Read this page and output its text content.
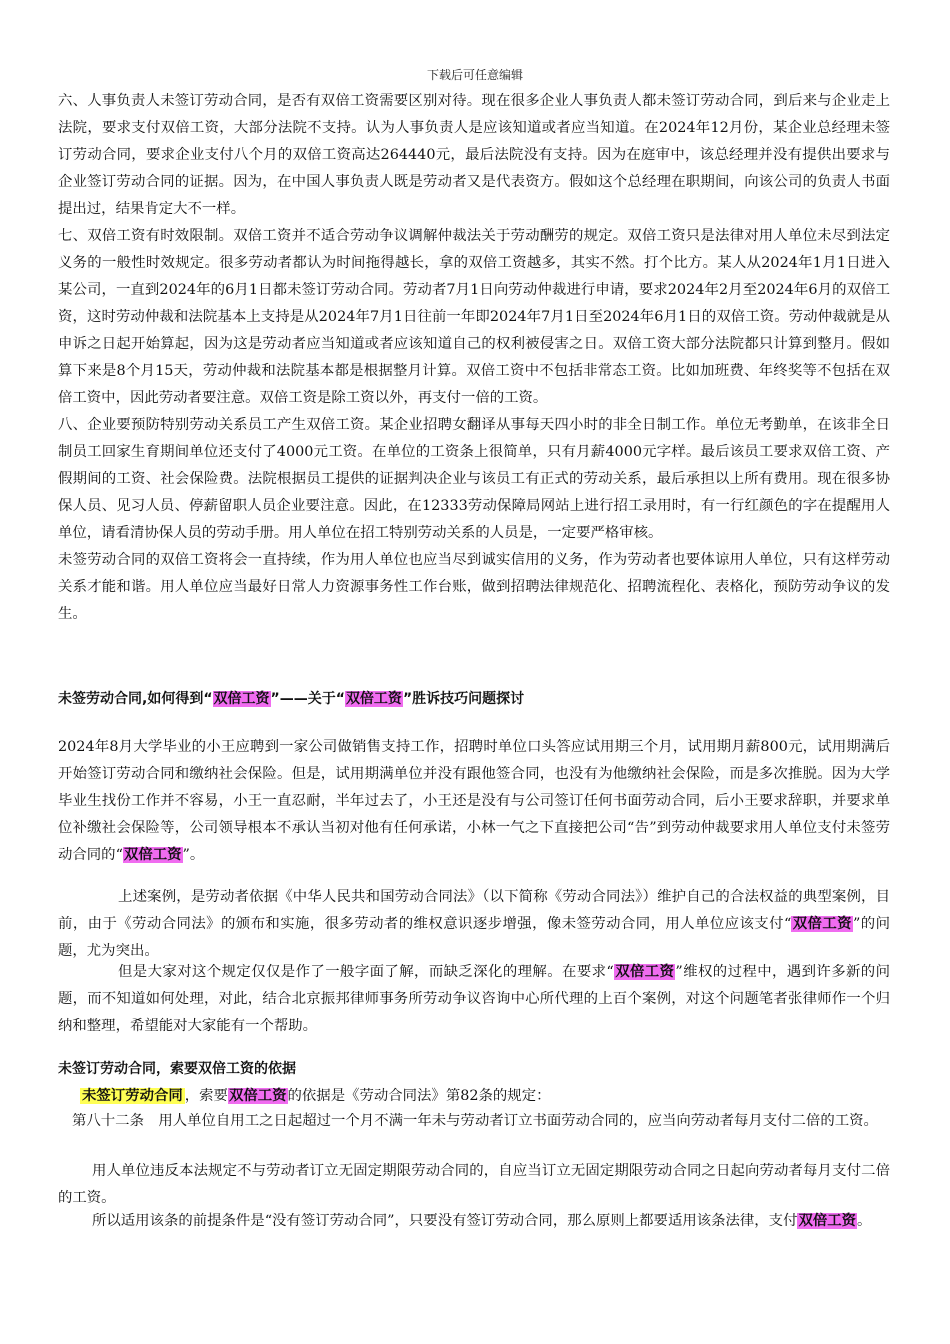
下载后可任意编辑

六、人事负责人未签订劳动合同，是否有双倍工资需要区别对待。现在很多企业人事负责人都未签订劳动合同，到后来与企业走上法院，要求支付双倍工资，大部分法院不支持。认为人事负责人是应该知道或者应当知道。在2024年12月份，某企业总经理未签订劳动合同，要求企业支付八个月的双倍工资高达264440元，最后法院没有支持。因为在庭审中，该总经理并没有提供出要求与企业签订劳动合同的证据。因为，在中国人事负责人既是劳动者又是代表资方。假如这个总经理在职期间，向该公司的负责人书面提出过，结果肯定大不一样。

七、双倍工资有时效限制。双倍工资并不适合劳动争议调解仲裁法关于劳动酬劳的规定。双倍工资只是法律对用人单位未尽到法定义务的一般性时效规定。很多劳动者都认为时间拖得越长，拿的双倍工资越多，其实不然。打个比方。某人从2024年1月1日进入某公司，一直到2024年的6月1日都未签订劳动合同。劳动者7月1日向劳动仲裁进行申请，要求2024年2月至2024年6月的双倍工资，这时劳动仲裁和法院基本上支持是从2024年7月1日往前一年即2024年7月1日至2024年6月1日的双倍工资。劳动仲裁就是从申诉之日起开始算起，因为这是劳动者应当知道或者应该知道自己的权利被侵害之日。双倍工资大部分法院都只计算到整月。假如算下来是8个月15天，劳动仲裁和法院基本都是根据整月计算。双倍工资中不包括非常态工资。比如加班费、年终奖等不包括在双倍工资中，因此劳动者要注意。双倍工资是除工资以外，再支付一倍的工资。

八、企业要预防特别劳动关系员工产生双倍工资。某企业招聘女翻译从事每天四小时的非全日制工作。单位无考勤单，在该非全日制员工回家生育期间单位还支付了4000元工资。在单位的工资条上很简单，只有月薪4000元字样。最后该员工要求双倍工资、产假期间的工资、社会保险费。法院根据员工提供的证据判决企业与该员工有正式的劳动关系，最后承担以上所有费用。现在很多协保人员、见习人员、停薪留职人员企业要注意。因此，在12333劳动保障局网站上进行招工录用时，有一行红颜色的字在提醒用人单位，请看清协保人员的劳动手册。用人单位在招工特别劳动关系的人员是，一定要严格审核。

未签劳动合同的双倍工资将会一直持续，作为用人单位也应当尽到诚实信用的义务，作为劳动者也要体谅用人单位，只有这样劳动关系才能和谐。用人单位应当最好日常人力资源事务性工作台账，做到招聘法律规范化、招聘流程化、表格化，预防劳动争议的发生。

未签劳动合同,如何得到“双倍工资”——关于“双倍工资”胜诉技巧问题探讨

2024年8月大学毕业的小王应聘到一家公司做销售支持工作，招聘时单位口头答应试用期三个月，试用期月薪800元，试用期满后开始签订劳动合同和缴纳社会保险。但是，试用期满单位并没有跟他签合同，也没有为他缴纳社会保险，而是多次推脱。因为大学毕业生找份工作并不容易，小王一直忍耐，半年过去了，小王还是没有与公司签订任何书面劳动合同，后小王要求辞职，并要求单位补缴社会保险等，公司领导根本不承认当初对他有任何承诺，小林一气之下直接把公司“告”到劳动仲裁要求用人单位支付未签劳动合同的“双倍工资”。

上述案例，是劳动者依据《中华人民共和国劳动合同法》（以下简称《劳动合同法》）维护自己的合法权益的典型案例，目前，由于《劳动合同法》的颁布和实施，很多劳动者的维权意识逐步增强，像未签劳动合同，用人单位应该支付“双倍工资”的问题，尤为突出。

但是大家对这个规定仅仅是作了一般字面了解，而缺乏深化的理解。在要求“双倍工资”维权的过程中，遇到许多新的问题，而不知道如何处理，对此，结合北京振邦律师事务所劳动争议咨询中心所代理的上百个案例，对这个问题笔者张律师作一个归纳和整理，希望能对大家能有一个帮助。

未签订劳动合同，索要双倍工资的依据

未签订劳动合同 ，索要双倍工资的依据是《劳动合同法》第82条的规定：

第八十二条　用人单位自用工之日起超过一个月不满一年未与劳动者订立书面劳动合同的，应当向劳动者每月支付二倍的工资。

用人单位违反本法规定不与劳动者订立无固定期限劳动合同的，自应当订立无固定期限劳动合同之日起向劳动者每月支付二倍的工资。

所以适用该条的前提条件是“没有签订劳动合同”，只要没有签订劳动合同，那么原则上都要适用该条法律，支付双倍工资。
